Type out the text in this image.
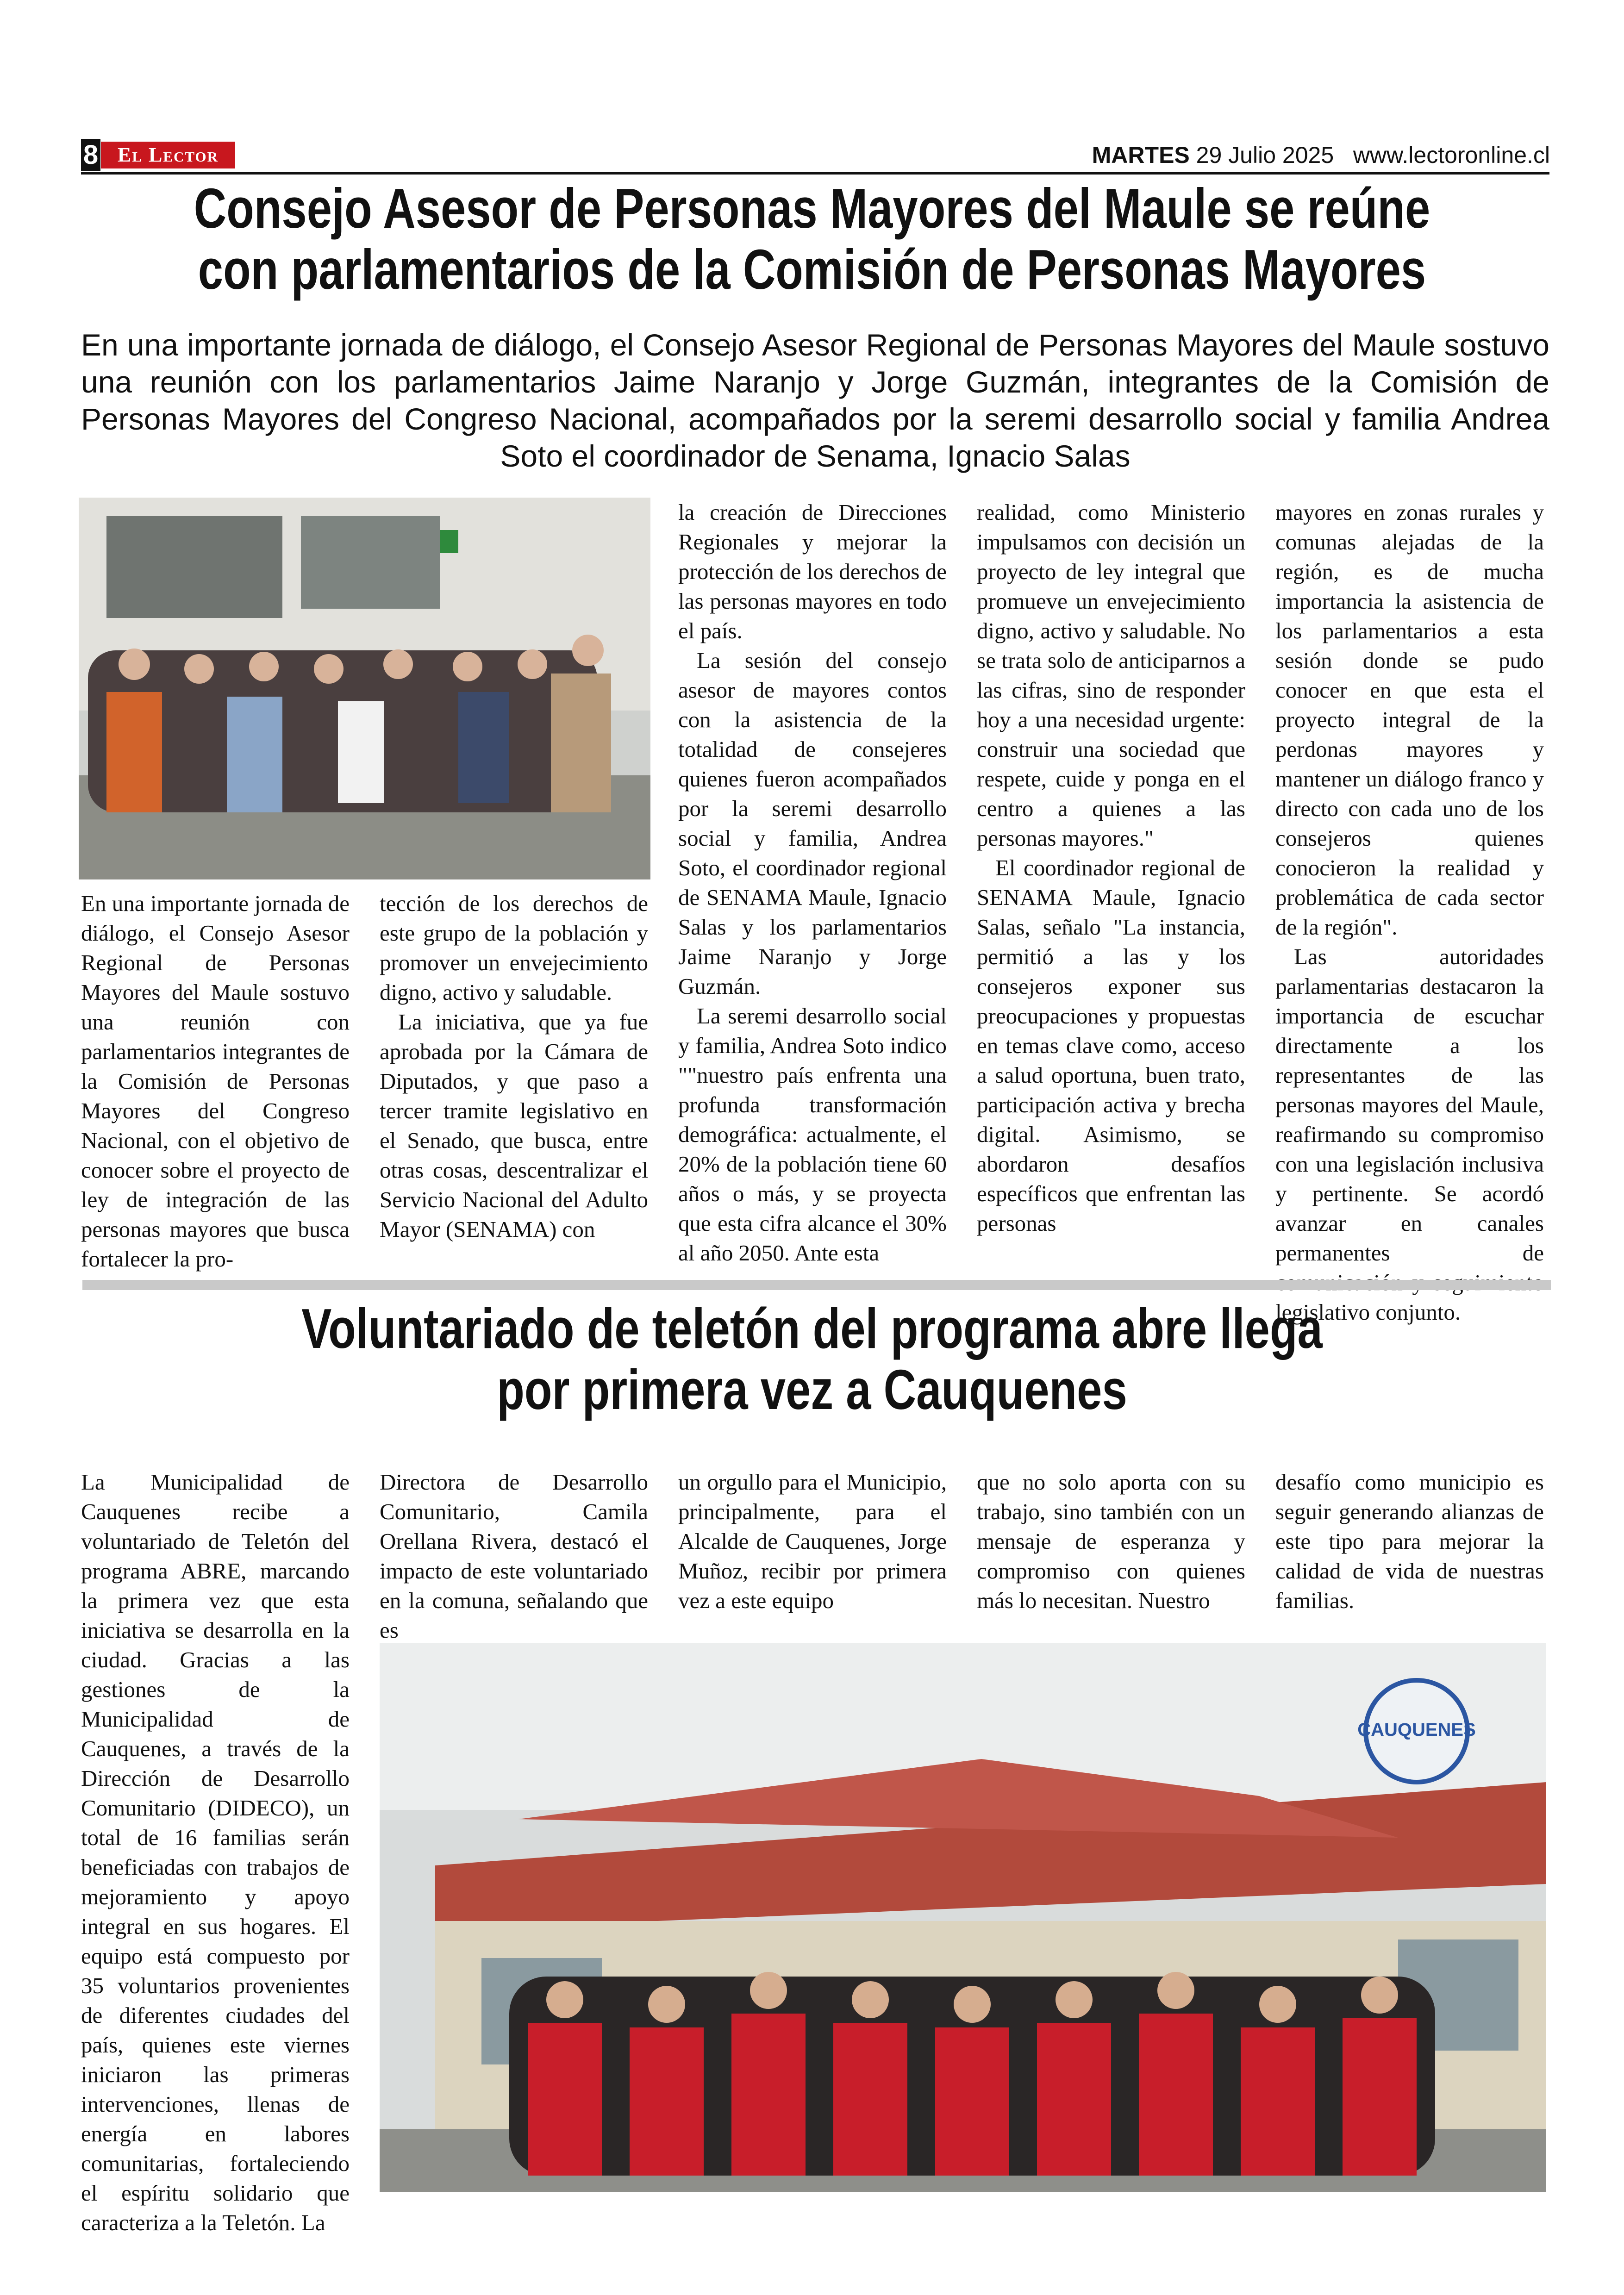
8 El Lector	MARTES 29 Julio 2025 www.lectoronline.cl
Consejo Asesor de Personas Mayores del Maule se reúne con parlamentarios de la Comisión de Personas Mayores
En una importante jornada de diálogo, el Consejo Asesor Regional de Personas Mayores del Maule sostuvo una reunión con los parlamentarios Jaime Naranjo y Jorge Guzmán, integrantes de la Comisión de Personas Mayores del Congreso Nacional, acompañados por la seremi desarrollo social y familia Andrea Soto el coordinador de Senama, Ignacio Salas

En una importante jornada de diálogo, el Consejo Asesor Regional de Personas Mayores del Maule sostuvo una reunión con parlamentarios integrantes de la Comisión de Personas Mayores del Congreso Nacional, con el objetivo de conocer sobre el proyecto de ley de integración de las personas mayores que busca fortalecer la pro-

tección de los derechos de este grupo de la población y promover un envejecimiento digno, activo y saludable.

La iniciativa, que ya fue aprobada por la Cámara de Diputados, y que paso a tercer tramite legislativo en el Senado, que busca, entre otras cosas, descentralizar el Servicio Nacional del Adulto Mayor (SENAMA) con

la creación de Direcciones Regionales y mejorar la protección de los derechos de las personas mayores en todo el país.

La sesión del consejo asesor de mayores contos con la asistencia de la totalidad de consejeres quienes fueron acompañados por la seremi desarrollo social y familia, Andrea Soto, el coordinador regional de SENAMA Maule, Ignacio Salas y los parlamentarios Jaime Naranjo y Jorge Guzmán.

La seremi desarrollo social y familia, Andrea Soto indico ""nuestro país enfrenta una profunda transformación demográfica: actualmente, el 20% de la población tiene 60 años o más, y se proyecta que esta cifra alcance el 30% al año 2050. Ante esta

realidad, como Ministerio impulsamos con decisión un proyecto de ley integral que promueve un envejecimiento digno, activo y saludable. No se trata solo de anticiparnos a las cifras, sino de responder hoy a una necesidad urgente: construir una sociedad que respete, cuide y ponga en el centro a quienes a las personas mayores."

El coordinador regional de SENAMA Maule, Ignacio Salas, señalo "La instancia, permitió a las y los consejeros exponer sus preocupaciones y propuestas en temas clave como, acceso a salud oportuna, buen trato, participación activa y brecha digital. Asimismo, se abordaron desafíos específicos que enfrentan las personas

mayores en zonas rurales y comunas alejadas de la región, es de mucha importancia la asistencia de los parlamentarios a esta sesión donde se pudo conocer en que esta el proyecto integral de la perdonas mayores y mantener un diálogo franco y directo con cada uno de los consejeros quienes conocieron la realidad y problemática de cada sector de la región".

Las autoridades parlamentarias destacaron la importancia de escuchar directamente a los representantes de las personas mayores del Maule, reafirmando su compromiso con una legislación inclusiva y pertinente. Se acordó avanzar en canales permanentes de legislativo conjunto.

Voluntariado de teletón del programa abre llega por primera vez a Cauquenes

La Municipalidad de Cauquenes recibe a voluntariado de Teletón del programa ABRE, marcando la primera vez que esta iniciativa se desarrolla en la ciudad. Gracias a las gestiones de la Municipalidad de Cauquenes, a través de la Dirección de Desarrollo Comunitario (DIDECO), un total de 16 familias serán beneficiadas con trabajos de mejoramiento y apoyo integral en sus hogares. El equipo está compuesto por 35 voluntarios provenientes de diferentes ciudades del país, quienes este viernes iniciaron las primeras intervenciones, llenas de energía en labores comunitarias, fortaleciendo el espíritu solidario que caracteriza a la Teletón. La

Directora de Desarrollo Comunitario, Camila Orellana Rivera, destacó el impacto de este voluntariado en la comuna, señalando que es

un orgullo para el Municipio, principalmente, para el Alcalde de Cauquenes, Jorge Muñoz, recibir por primera vez a este equipo

que no solo aporta con su trabajo, sino también con un mensaje de esperanza y compromiso con quienes más lo necesitan. Nuestro

desafío como municipio es seguir generando alianzas de este tipo para mejorar la calidad de vida de nuestras familias.

CAUQUENES
